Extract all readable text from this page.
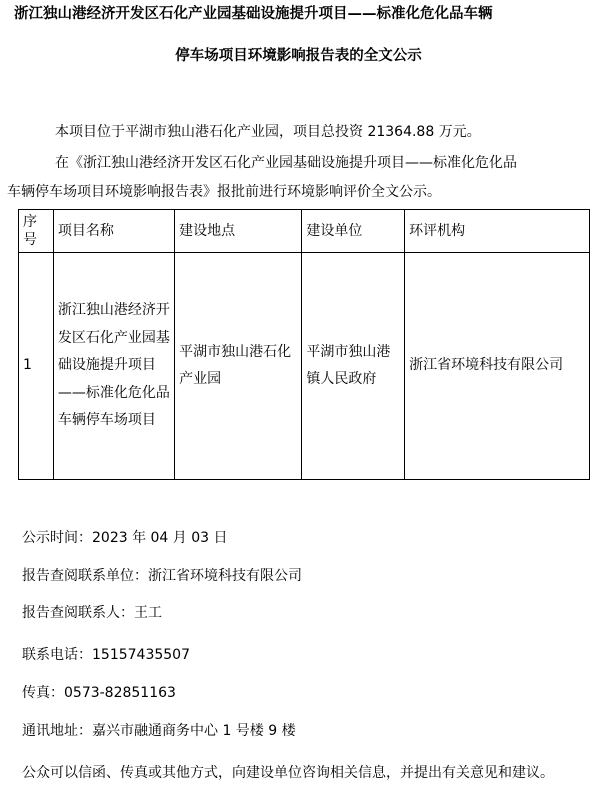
浙江独山港经济开发区石化产业园基础设施提升项目——标准化危化品车辆
停车场项目环境影响报告表的全文公示
本项目位于平湖市独山港石化产业园，项目总投资 21364.88 万元。
在《浙江独山港经济开发区石化产业园基础设施提升项目——标准化危化品
车辆停车场项目环境影响报告表》报批前进行环境影响评价全文公示。
序号	项目名称	建设地点	建设单位	环评机构
1	浙江独山港经济开发区石化产业园基础设施提升项目——标准化危化品车辆停车场项目	平湖市独山港石化产业园	平湖市独山港镇人民政府	浙江省环境科技有限公司
公示时间：2023 年 04 月 03 日
报告查阅联系单位：浙江省环境科技有限公司
报告查阅联系人：王工
联系电话：15157435507
传真：0573-82851163
通讯地址：嘉兴市融通商务中心 1 号楼 9 楼
公众可以信函、传真或其他方式，向建设单位咨询相关信息，并提出有关意见和建议。
